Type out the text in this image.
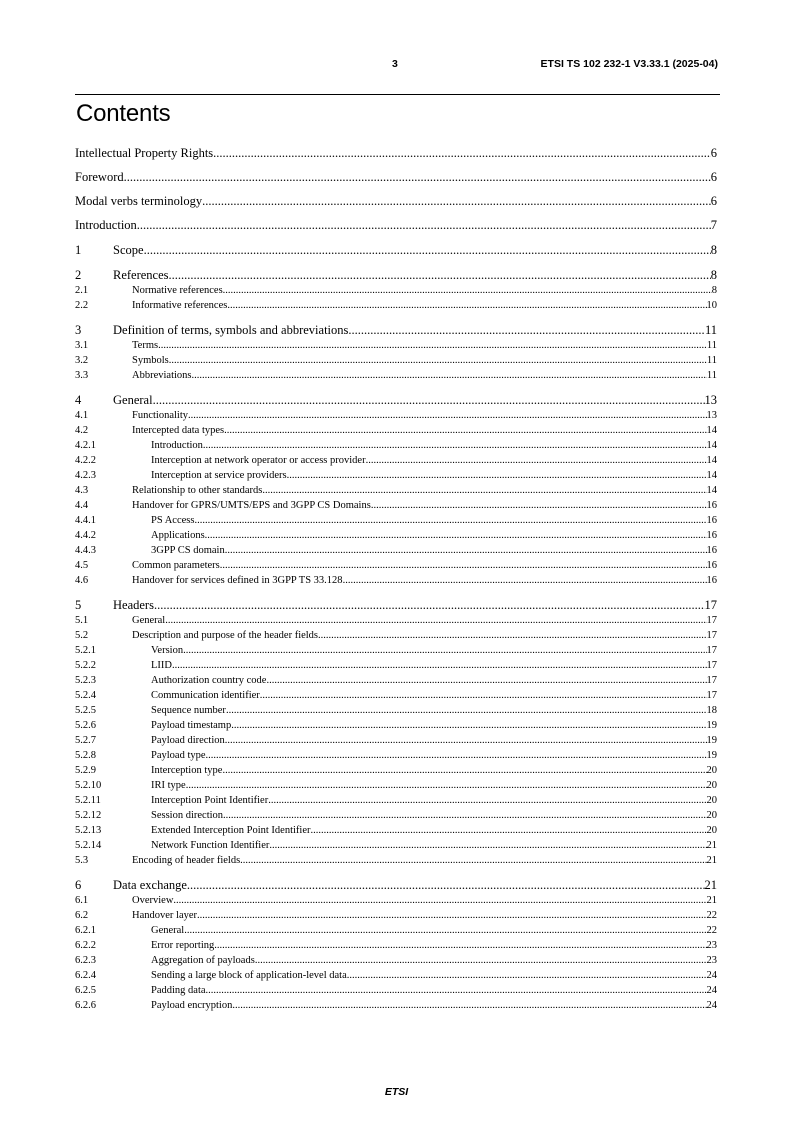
3	ETSI TS 102 232-1 V3.33.1 (2025-04)
Contents
Intellectual Property Rights .....	6
Foreword .....	6
Modal verbs terminology .....	6
Introduction .....	7
1	Scope .....	8
2	References .....	8
2.1	Normative references .....	8
2.2	Informative references .....	10
3	Definition of terms, symbols and abbreviations .....	11
3.1	Terms .....	11
3.2	Symbols .....	11
3.3	Abbreviations .....	11
4	General .....	13
4.1	Functionality .....	13
4.2	Intercepted data types .....	14
4.2.1	Introduction .....	14
4.2.2	Interception at network operator or access provider .....	14
4.2.3	Interception at service providers .....	14
4.3	Relationship to other standards .....	14
4.4	Handover for GPRS/UMTS/EPS and 3GPP CS Domains .....	16
4.4.1	PS Access .....	16
4.4.2	Applications .....	16
4.4.3	3GPP CS domain .....	16
4.5	Common parameters .....	16
4.6	Handover for services defined in 3GPP TS 33.128 .....	16
5	Headers .....	17
5.1	General .....	17
5.2	Description and purpose of the header fields .....	17
5.2.1	Version .....	17
5.2.2	LIID .....	17
5.2.3	Authorization country code .....	17
5.2.4	Communication identifier .....	17
5.2.5	Sequence number .....	18
5.2.6	Payload timestamp .....	19
5.2.7	Payload direction .....	19
5.2.8	Payload type .....	19
5.2.9	Interception type .....	20
5.2.10	IRI type .....	20
5.2.11	Interception Point Identifier .....	20
5.2.12	Session direction .....	20
5.2.13	Extended Interception Point Identifier .....	20
5.2.14	Network Function Identifier .....	21
5.3	Encoding of header fields .....	21
6	Data exchange .....	21
6.1	Overview .....	21
6.2	Handover layer .....	22
6.2.1	General .....	22
6.2.2	Error reporting .....	23
6.2.3	Aggregation of payloads .....	23
6.2.4	Sending a large block of application-level data .....	24
6.2.5	Padding data .....	24
6.2.6	Payload encryption .....	24
ETSI
